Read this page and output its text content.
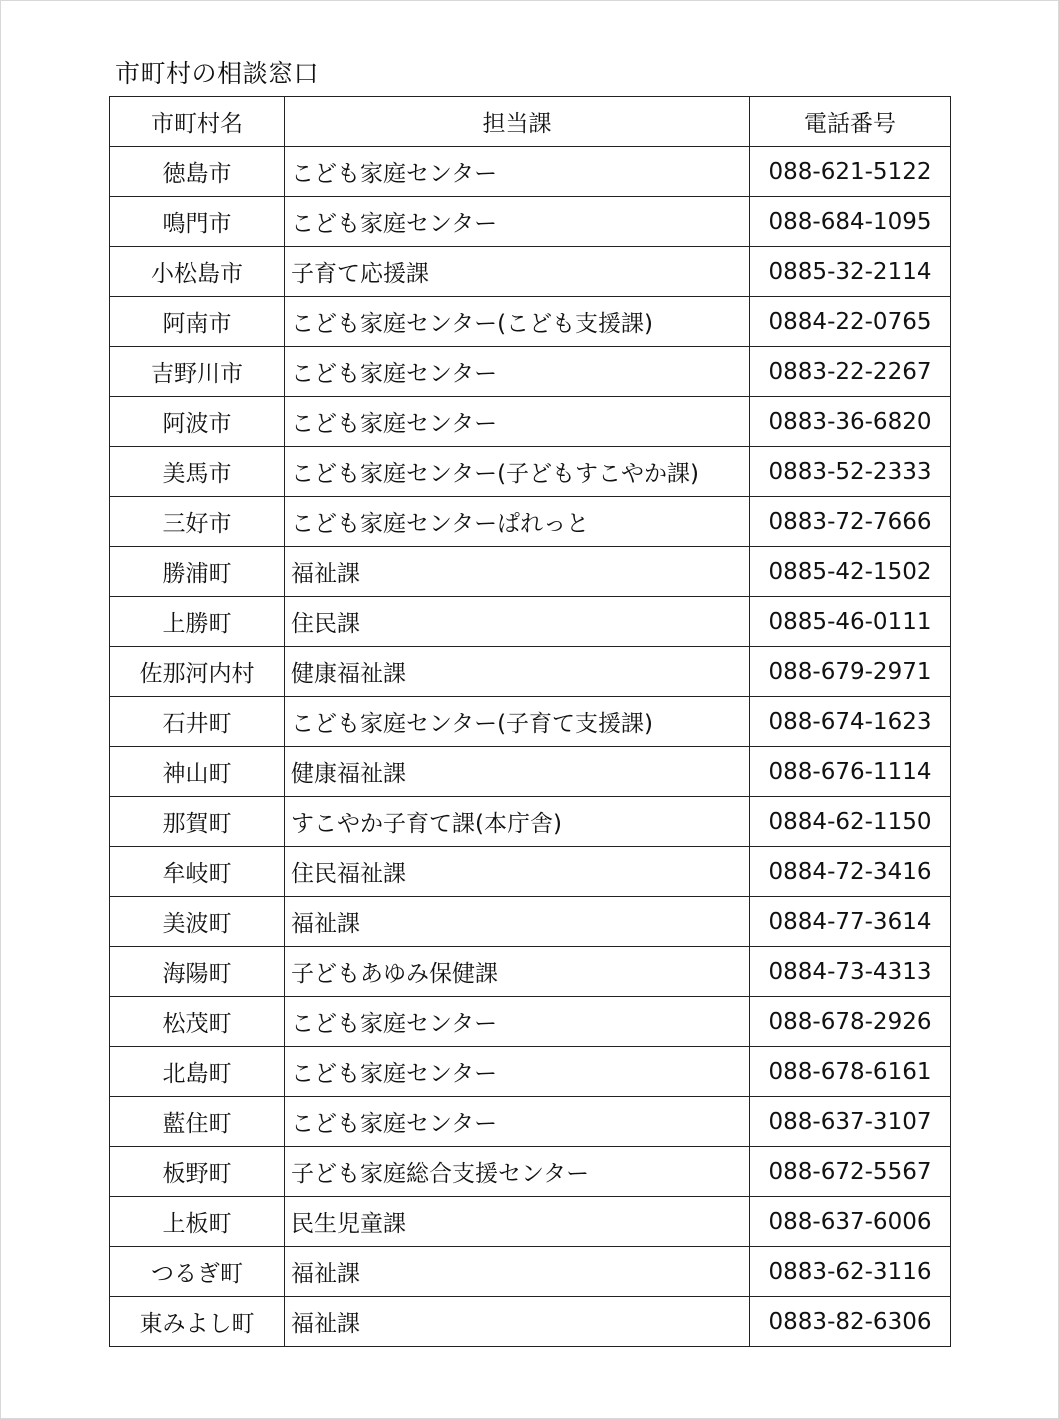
市町村の相談窓口
市町村名	担当課	電話番号
徳島市	こども家庭センター	088-621-5122
鳴門市	こども家庭センター	088-684-1095
小松島市	子育て応援課	0885-32-2114
阿南市	こども家庭センター(こども支援課)	0884-22-0765
吉野川市	こども家庭センター	0883-22-2267
阿波市	こども家庭センター	0883-36-6820
美馬市	こども家庭センター(子どもすこやか課)	0883-52-2333
三好市	こども家庭センターぱれっと	0883-72-7666
勝浦町	福祉課	0885-42-1502
上勝町	住民課	0885-46-0111
佐那河内村	健康福祉課	088-679-2971
石井町	こども家庭センター(子育て支援課)	088-674-1623
神山町	健康福祉課	088-676-1114
那賀町	すこやか子育て課(本庁舎)	0884-62-1150
牟岐町	住民福祉課	0884-72-3416
美波町	福祉課	0884-77-3614
海陽町	子どもあゆみ保健課	0884-73-4313
松茂町	こども家庭センター	088-678-2926
北島町	こども家庭センター	088-678-6161
藍住町	こども家庭センター	088-637-3107
板野町	子ども家庭総合支援センター	088-672-5567
上板町	民生児童課	088-637-6006
つるぎ町	福祉課	0883-62-3116
東みよし町	福祉課	0883-82-6306
